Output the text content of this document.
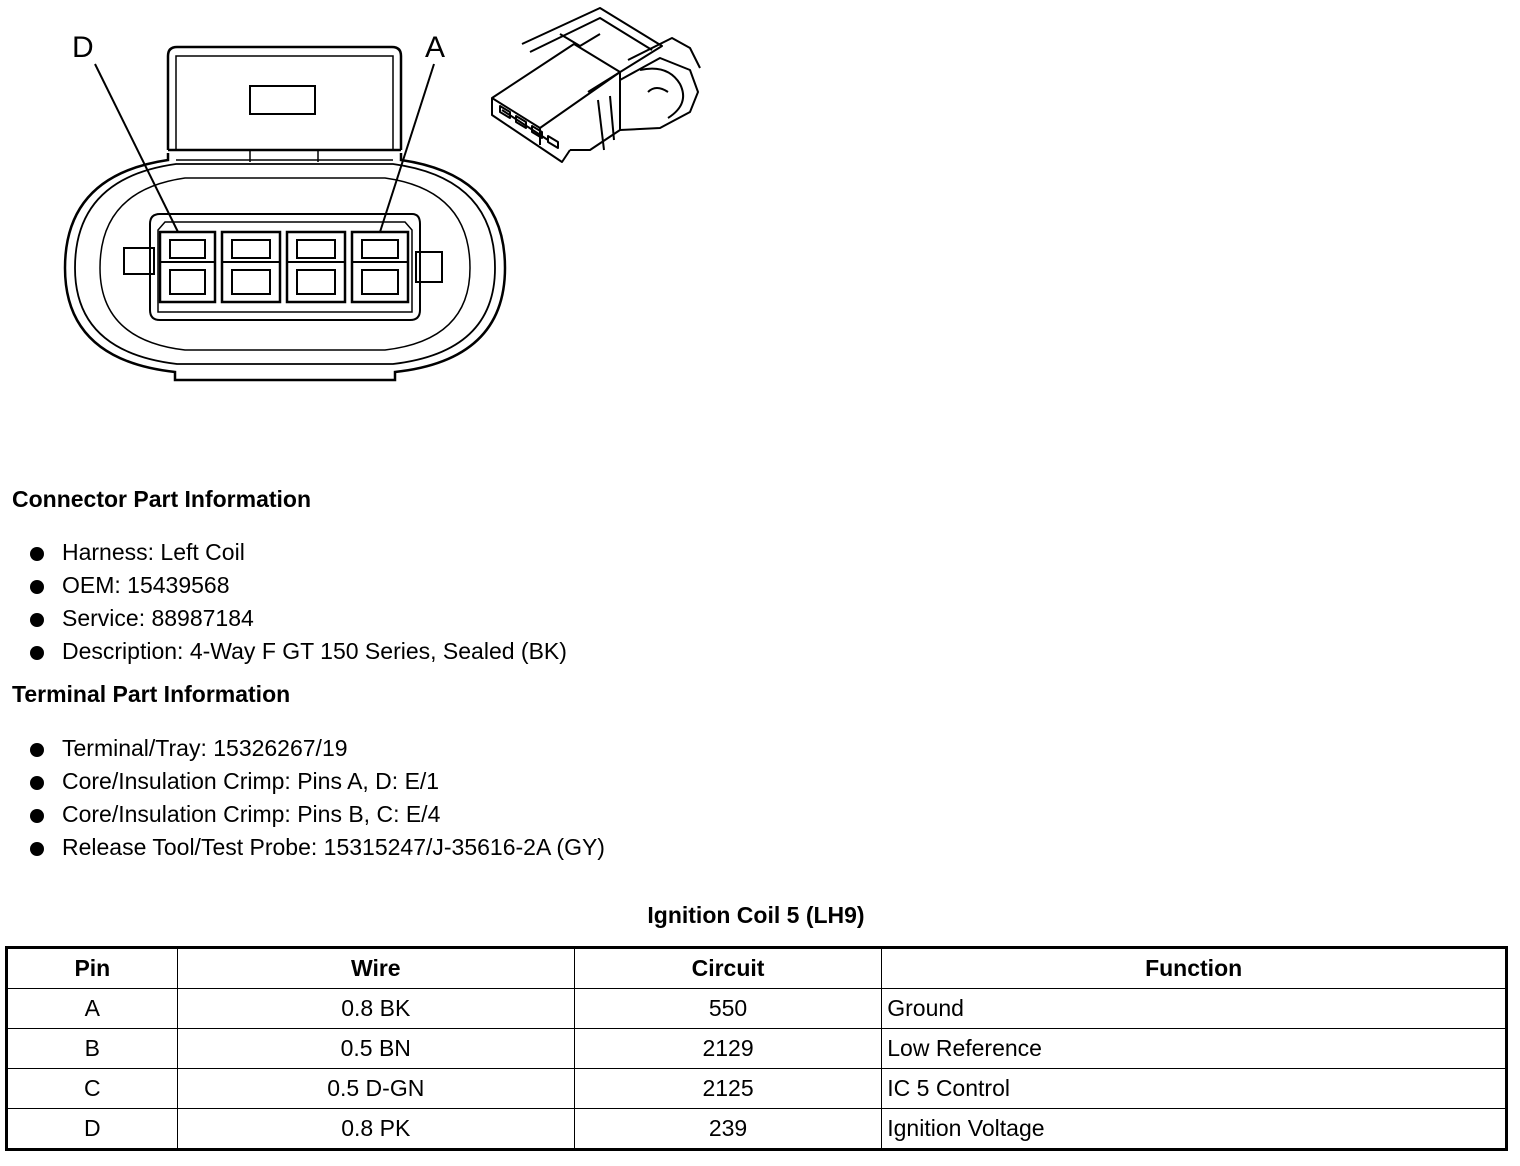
D	A
Connector Part Information
Harness: Left Coil
OEM: 15439568
Service: 88987184
Description: 4-Way F GT 150 Series, Sealed (BK)
Terminal Part Information
Terminal/Tray: 15326267/19
Core/Insulation Crimp: Pins A, D: E/1
Core/Insulation Crimp: Pins B, C: E/4
Release Tool/Test Probe: 15315247/J-35616-2A (GY)
Ignition Coil 5 (LH9)
Pin	Wire	Circuit	Function
A	0.8 BK	550	Ground
B	0.5 BN	2129	Low Reference
C	0.5 D-GN	2125	IC 5 Control
D	0.8 PK	239	Ignition Voltage
